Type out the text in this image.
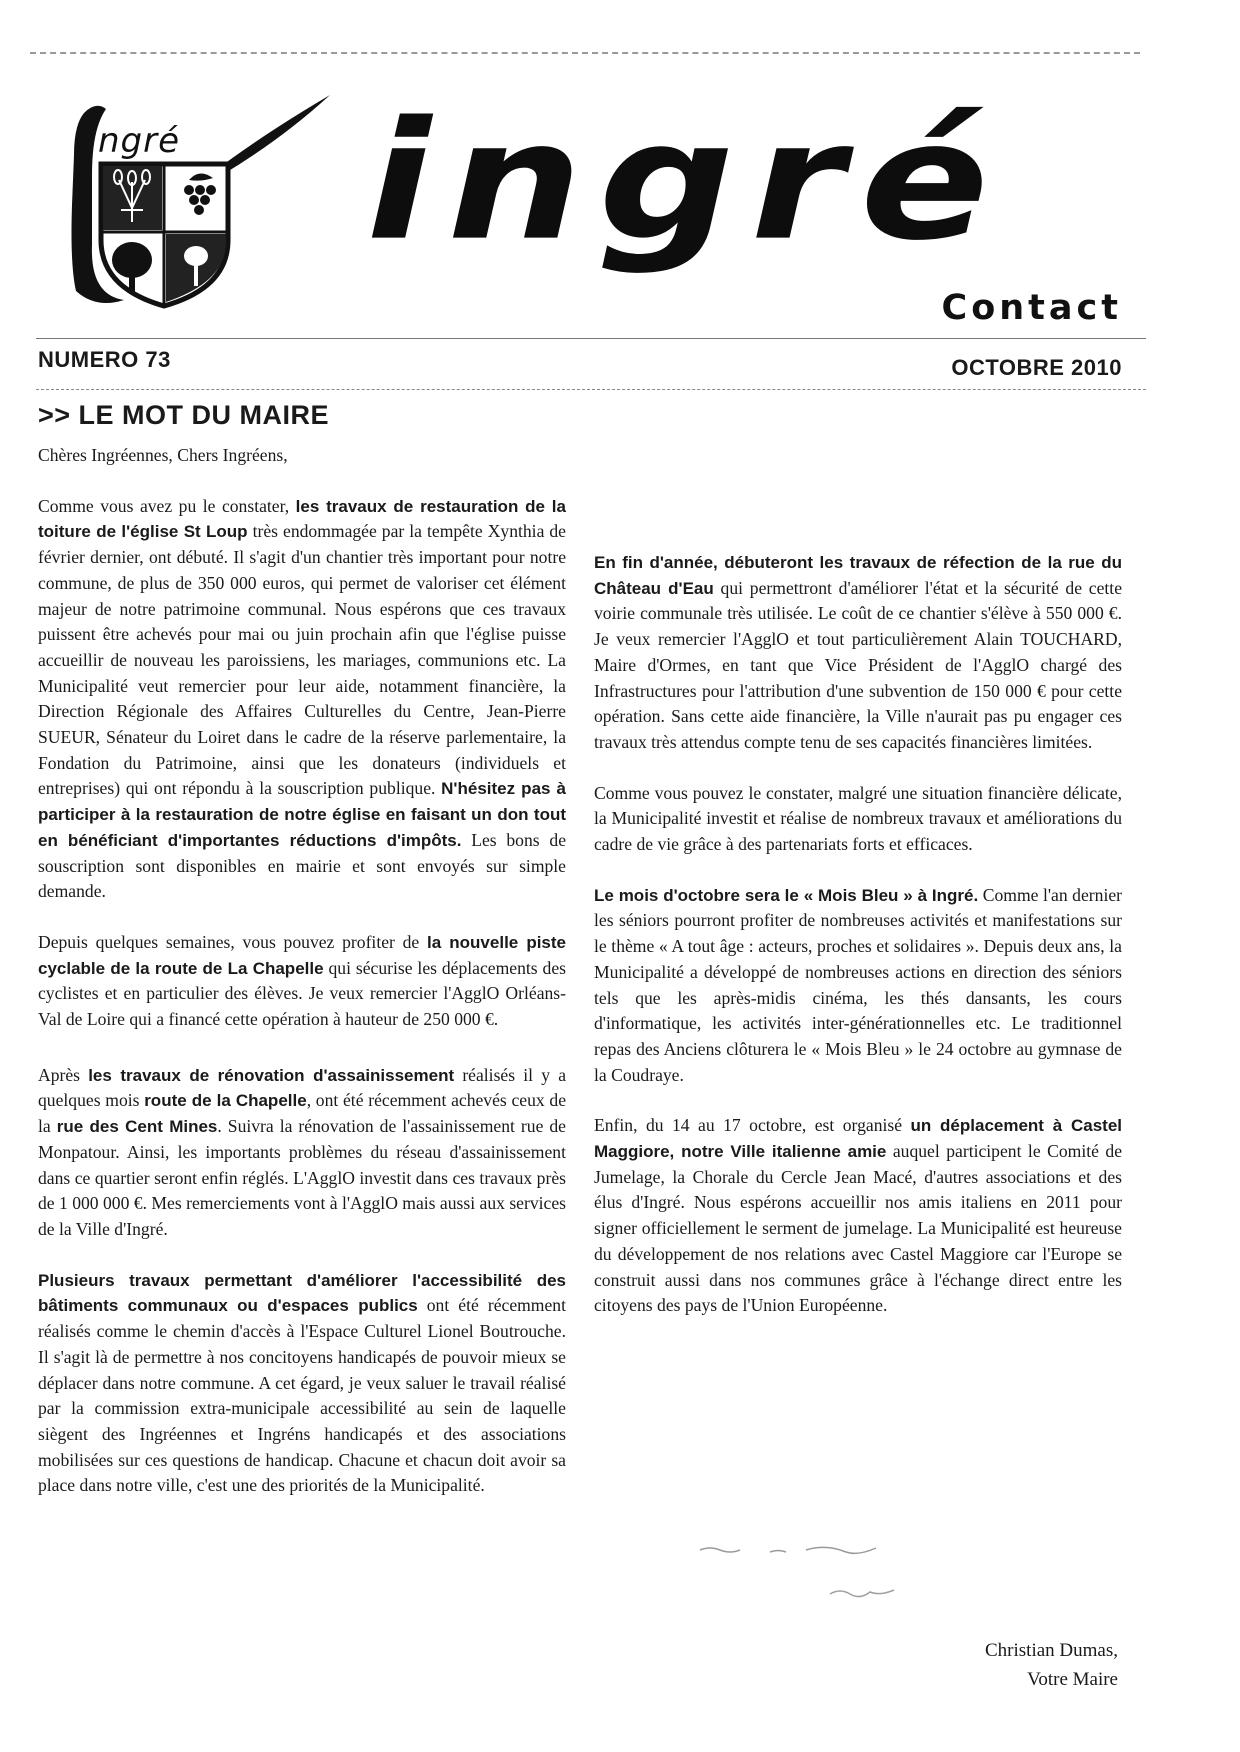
ngré ingré
Contact
NUMERO 73	OCTOBRE 2010
>> LE MOT DU MAIRE

Chères Ingréennes, Chers Ingréens,

Comme vous avez pu le constater, les travaux de restauration de la toiture de l'église St Loup très endommagée par la tempête Xynthia de février dernier, ont débuté. Il s'agit d'un chantier très important pour notre commune, de plus de 350 000 euros, qui permet de valoriser cet élément majeur de notre patrimoine communal. Nous espérons que ces travaux puissent être achevés pour mai ou juin prochain afin que l'église puisse accueillir de nouveau les paroissiens, les mariages, communions etc. La Municipalité veut remercier pour leur aide, notamment financière, la Direction Régionale des Affaires Culturelles du Centre, Jean-Pierre SUEUR, Sénateur du Loiret dans le cadre de la réserve parlementaire, la Fondation du Patrimoine, ainsi que les donateurs (individuels et entreprises) qui ont répondu à la souscription publique. N'hésitez pas à participer à la restauration de notre église en faisant un don tout en bénéficiant d'importantes réductions d'impôts. Les bons de souscription sont disponibles en mairie et sont envoyés sur simple demande.

Depuis quelques semaines, vous pouvez profiter de la nouvelle piste cyclable de la route de La Chapelle qui sécurise les déplacements des cyclistes et en particulier des élèves. Je veux remercier l'AgglO Orléans-Val de Loire qui a financé cette opération à hauteur de 250 000 €.

Après les travaux de rénovation d'assainissement réalisés il y a quelques mois route de la Chapelle, ont été récemment achevés ceux de la rue des Cent Mines. Suivra la rénovation de l'assainissement rue de Monpatour. Ainsi, les importants problèmes du réseau d'assainissement dans ce quartier seront enfin réglés. L'AgglO investit dans ces travaux près de 1 000 000 €. Mes remerciements vont à l'AgglO mais aussi aux services de la Ville d'Ingré.

Plusieurs travaux permettant d'améliorer l'accessibilité des bâtiments communaux ou d'espaces publics ont été récemment réalisés comme le chemin d'accès à l'Espace Culturel Lionel Boutrouche. Il s'agit là de permettre à nos concitoyens handicapés de pouvoir mieux se déplacer dans notre commune. A cet égard, je veux saluer le travail réalisé par la commission extra-municipale accessibilité au sein de laquelle siègent des Ingréennes et Ingréns handicapés et des associations mobilisées sur ces questions de handicap. Chacune et chacun doit avoir sa place dans notre ville, c'est une des priorités de la Municipalité.

En fin d'année, débuteront les travaux de réfection de la rue du Château d'Eau qui permettront d'améliorer l'état et la sécurité de cette voirie communale très utilisée. Le coût de ce chantier s'élève à 550 000 €. Je veux remercier l'AgglO et tout particulièrement Alain TOUCHARD, Maire d'Ormes, en tant que Vice Président de l'AgglO chargé des Infrastructures pour l'attribution d'une subvention de 150 000 € pour cette opération. Sans cette aide financière, la Ville n'aurait pas pu engager ces travaux très attendus compte tenu de ses capacités financières limitées.

Comme vous pouvez le constater, malgré une situation financière délicate, la Municipalité investit et réalise de nombreux travaux et améliorations du cadre de vie grâce à des partenariats forts et efficaces.

Le mois d'octobre sera le « Mois Bleu » à Ingré. Comme l'an dernier les séniors pourront profiter de nombreuses activités et manifestations sur le thème « A tout âge : acteurs, proches et solidaires ». Depuis deux ans, la Municipalité a développé de nombreuses actions en direction des séniors tels que les après-midis cinéma, les thés dansants, les cours d'informatique, les activités inter-générationnelles etc. Le traditionnel repas des Anciens clôturera le « Mois Bleu » le 24 octobre au gymnase de la Coudraye.

Enfin, du 14 au 17 octobre, est organisé un déplacement à Castel Maggiore, notre Ville italienne amie auquel participent le Comité de Jumelage, la Chorale du Cercle Jean Macé, d'autres associations et des élus d'Ingré. Nous espérons accueillir nos amis italiens en 2011 pour signer officiellement le serment de jumelage. La Municipalité est heureuse du développement de nos relations avec Castel Maggiore car l'Europe se construit aussi dans nos communes grâce à l'échange direct entre les citoyens des pays de l'Union Européenne.

Christian Dumas,
Votre Maire
